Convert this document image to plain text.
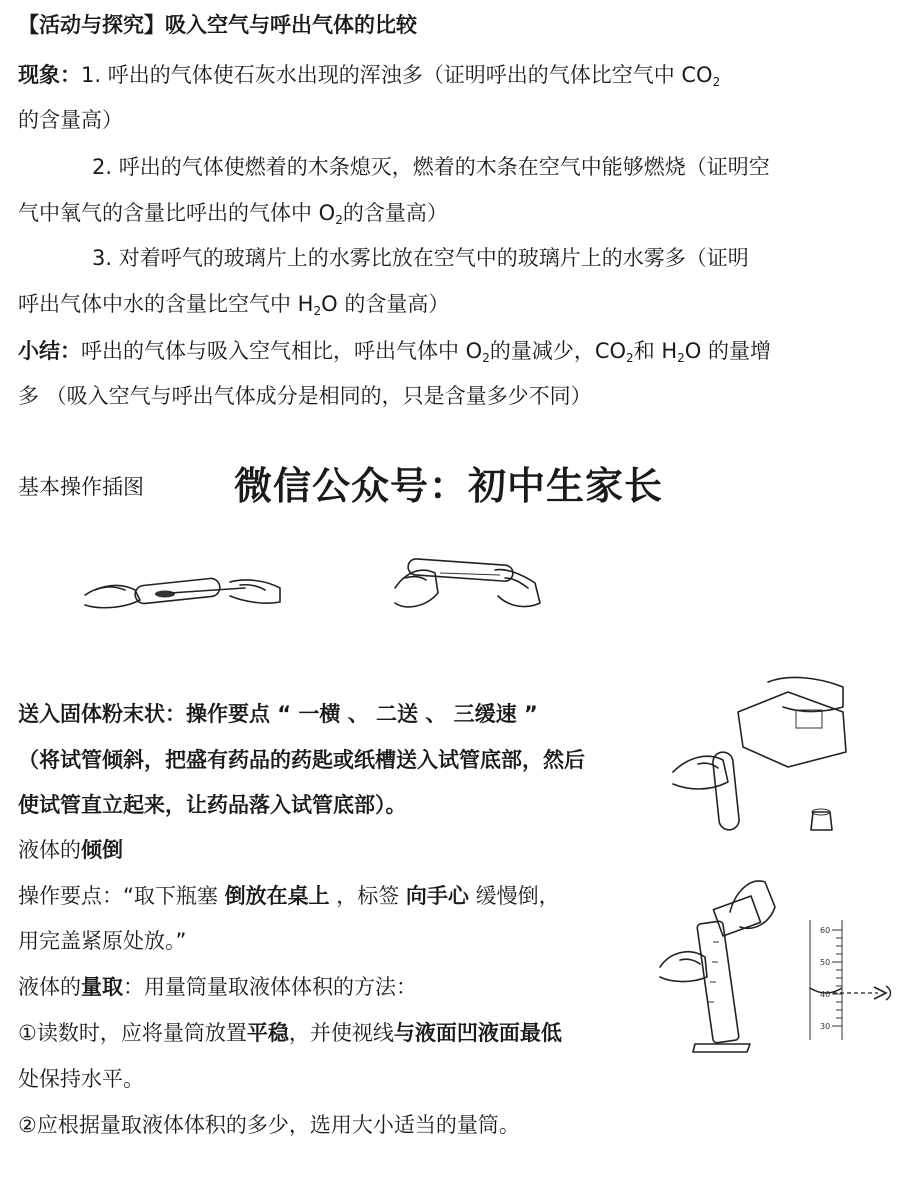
【活动与探究】吸入空气与呼出气体的比较
现象：1. 呼出的气体使石灰水出现的浑浊多（证明呼出的气体比空气中 $CO_2$
的含量高）
2. 呼出的气体使燃着的木条熄灭，燃着的木条在空气中能够燃烧（证明空
气中氧气的含量比呼出的气体中 $O_2$的含量高）
3. 对着呼气的玻璃片上的水雾比放在空气中的玻璃片上的水雾多（证明
呼出气体中水的含量比空气中 $H_2O$ 的含量高）
小结：呼出的气体与吸入空气相比，呼出气体中 $O_2$的量减少，$CO_2$和 $H_2O$ 的量增
多 （吸入空气与呼出气体成分是相同的，只是含量多少不同）
基本操作插图 微信公众号：初中生家长
送入固体粉末状：操作要点 “ 一横 、 二送 、 三缓速 ”
（将试管倾斜，把盛有药品的药匙或纸槽送入试管底部，然后
使试管直立起来，让药品落入试管底部）。
液体的倾倒
操作要点：“取下瓶塞 倒放在桌上 ，标签 向手心 缓慢倒，
用完盖紧原处放。”
液体的量取：用量筒量取液体体积的方法：
①读数时，应将量筒放置平稳，并使视线与液面凹液面最低
处保持水平。
②应根据量取液体体积的多少，选用大小适当的量筒。
60
50
40
30
